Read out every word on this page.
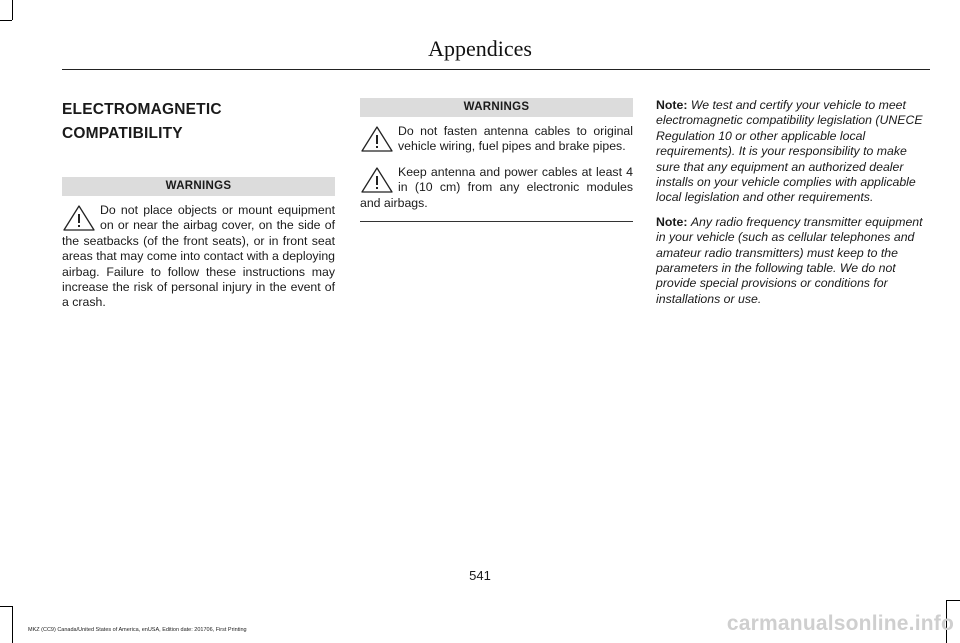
Appendices
ELECTROMAGNETIC
COMPATIBILITY
WARNINGS
Do not place objects or mount equipment on or near the airbag cover, on the side of the seatbacks (of the front seats), or in front seat areas that may come into contact with a deploying airbag. Failure to follow these instructions may increase the risk of personal injury in the event of a crash.
WARNINGS
Do not fasten antenna cables to original vehicle wiring, fuel pipes and brake pipes.
Keep antenna and power cables at least 4 in (10 cm) from any electronic modules and airbags.

Note: We test and certify your vehicle to meet electromagnetic compatibility legislation (UNECE Regulation 10 or other applicable local requirements). It is your responsibility to make sure that any equipment an authorized dealer installs on your vehicle complies with applicable local legislation and other requirements.

Note: Any radio frequency transmitter equipment in your vehicle (such as cellular telephones and amateur radio transmitters) must keep to the parameters in the following table. We do not provide special provisions or conditions for installations or use.

541
MKZ (CC9) Canada/United States of America, enUSA, Edition date: 201706, First Printing	carmanualsonline.info
